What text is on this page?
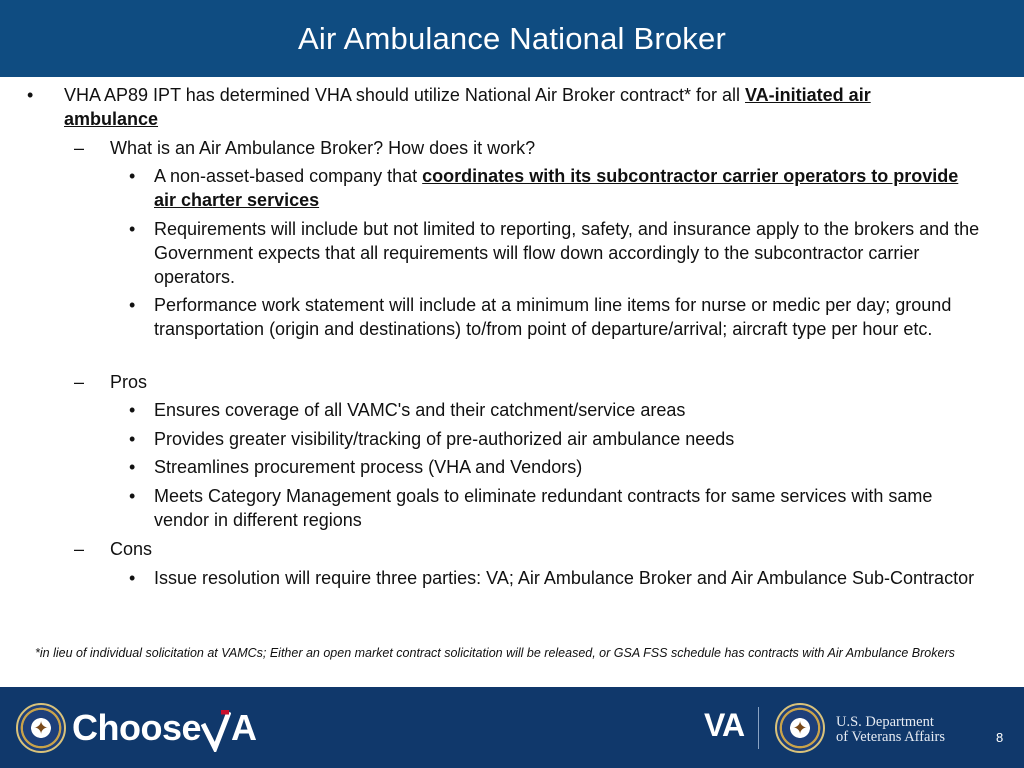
Air Ambulance National Broker
• VHA AP89 IPT has determined VHA should utilize National Air Broker contract* for all VA-initiated air ambulance
– What is an Air Ambulance Broker? How does it work?
• A non-asset-based company that coordinates with its subcontractor carrier operators to provide air charter services
• Requirements will include but not limited to reporting, safety, and insurance apply to the brokers and the Government expects that all requirements will flow down accordingly to the subcontractor carrier operators.
• Performance work statement will include at a minimum line items for nurse or medic per day; ground transportation (origin and destinations) to/from point of departure/arrival; aircraft type per hour etc.
– Pros
• Ensures coverage of all VAMC's and their catchment/service areas
• Provides greater visibility/tracking of pre-authorized air ambulance needs
• Streamlines procurement process (VHA and Vendors)
• Meets Category Management goals to eliminate redundant contracts for same services with same vendor in different regions
– Cons
• Issue resolution will require three parties: VA; Air Ambulance Broker and Air Ambulance Sub-Contractor
*in lieu of individual solicitation at VAMCs; Either an open market contract solicitation will be released, or GSA FSS schedule has contracts with Air Ambulance Brokers
✦ Choose A	VA	✦ U.S. Department
of Veterans Affairs	8
